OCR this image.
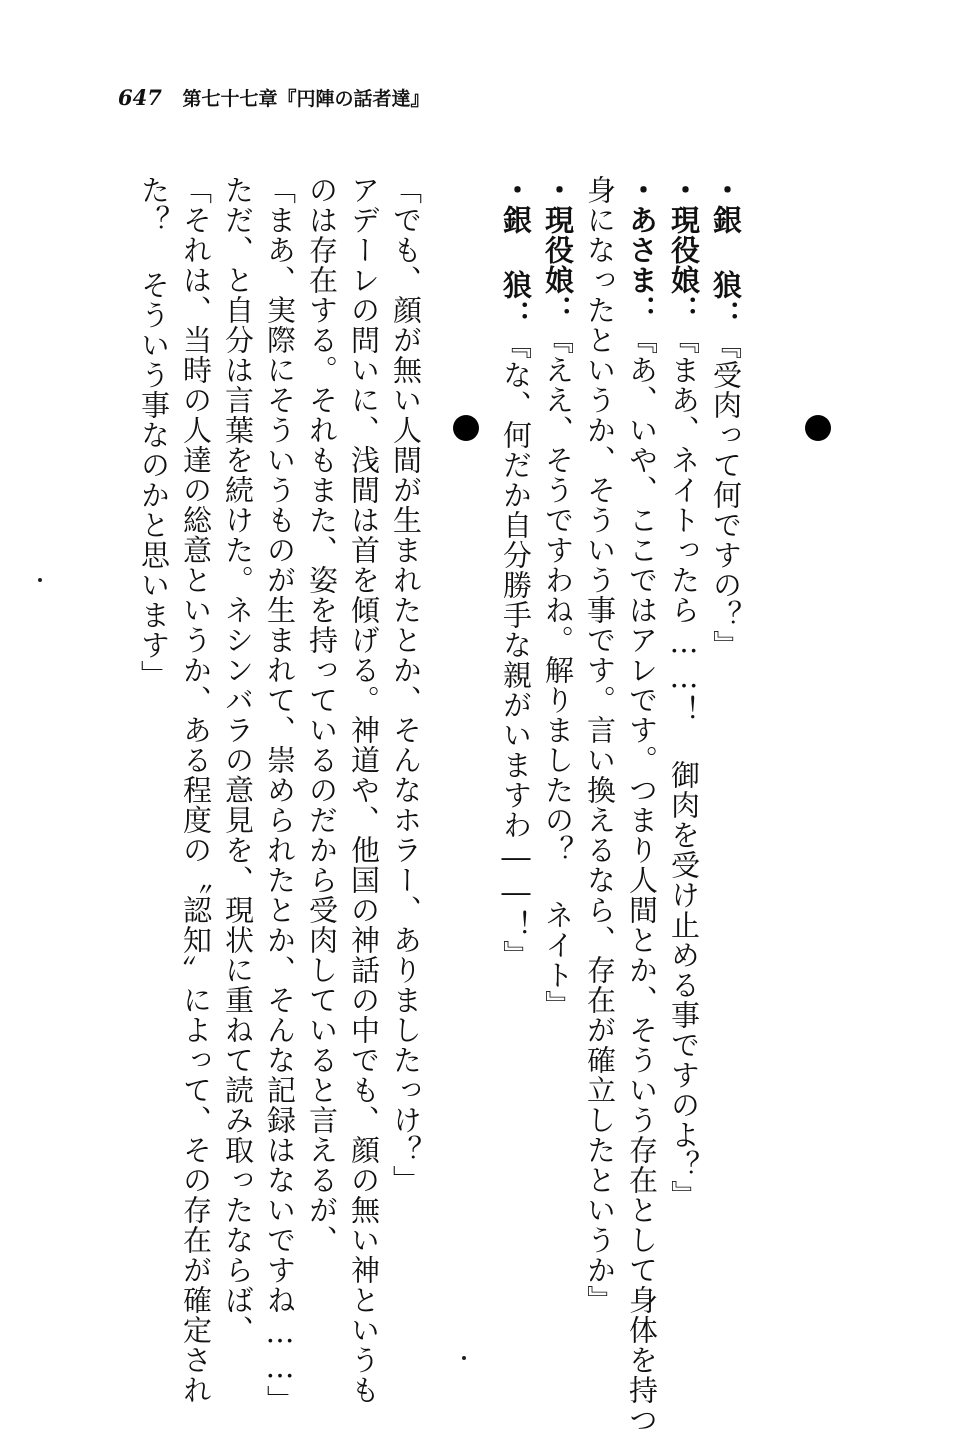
647 第七十七章『円陣の話者達』
・銀 狼：『受肉って何ですの？』
・現役娘：『まあ、ネイトったら……！ 御肉を受け止める事ですのよ？』
・あさま：『あ、いや、ここではアレです。つまり人間とか、そういう存在として身体を持つ
身になったというか、そういう事です。言い換えるなら、存在が確立したというか』
・現役娘：『ええ、そうですわね。解りましたの？ ネイト』
・銀 狼：『な、何だか自分勝手な親がいますわ――！』
「でも、顔が無い人間が生まれたとか、そんなホラー、ありましたっけ？」
アデーレの問いに、浅間は首を傾げる。神道や、他国の神話の中でも、顔の無い神というも
のは存在する。それもまた、姿を持っているのだから受肉していると言えるが、
「まあ、実際にそういうものが生まれて、崇められたとか、そんな記録はないですね……」
ただ、と自分は言葉を続けた。ネシンバラの意見を、現状に重ねて読み取ったならば、
「それは、当時の人達の総意というか、ある程度の〝認知〟によって、その存在が確定され
た？ そういう事なのかと思います」
